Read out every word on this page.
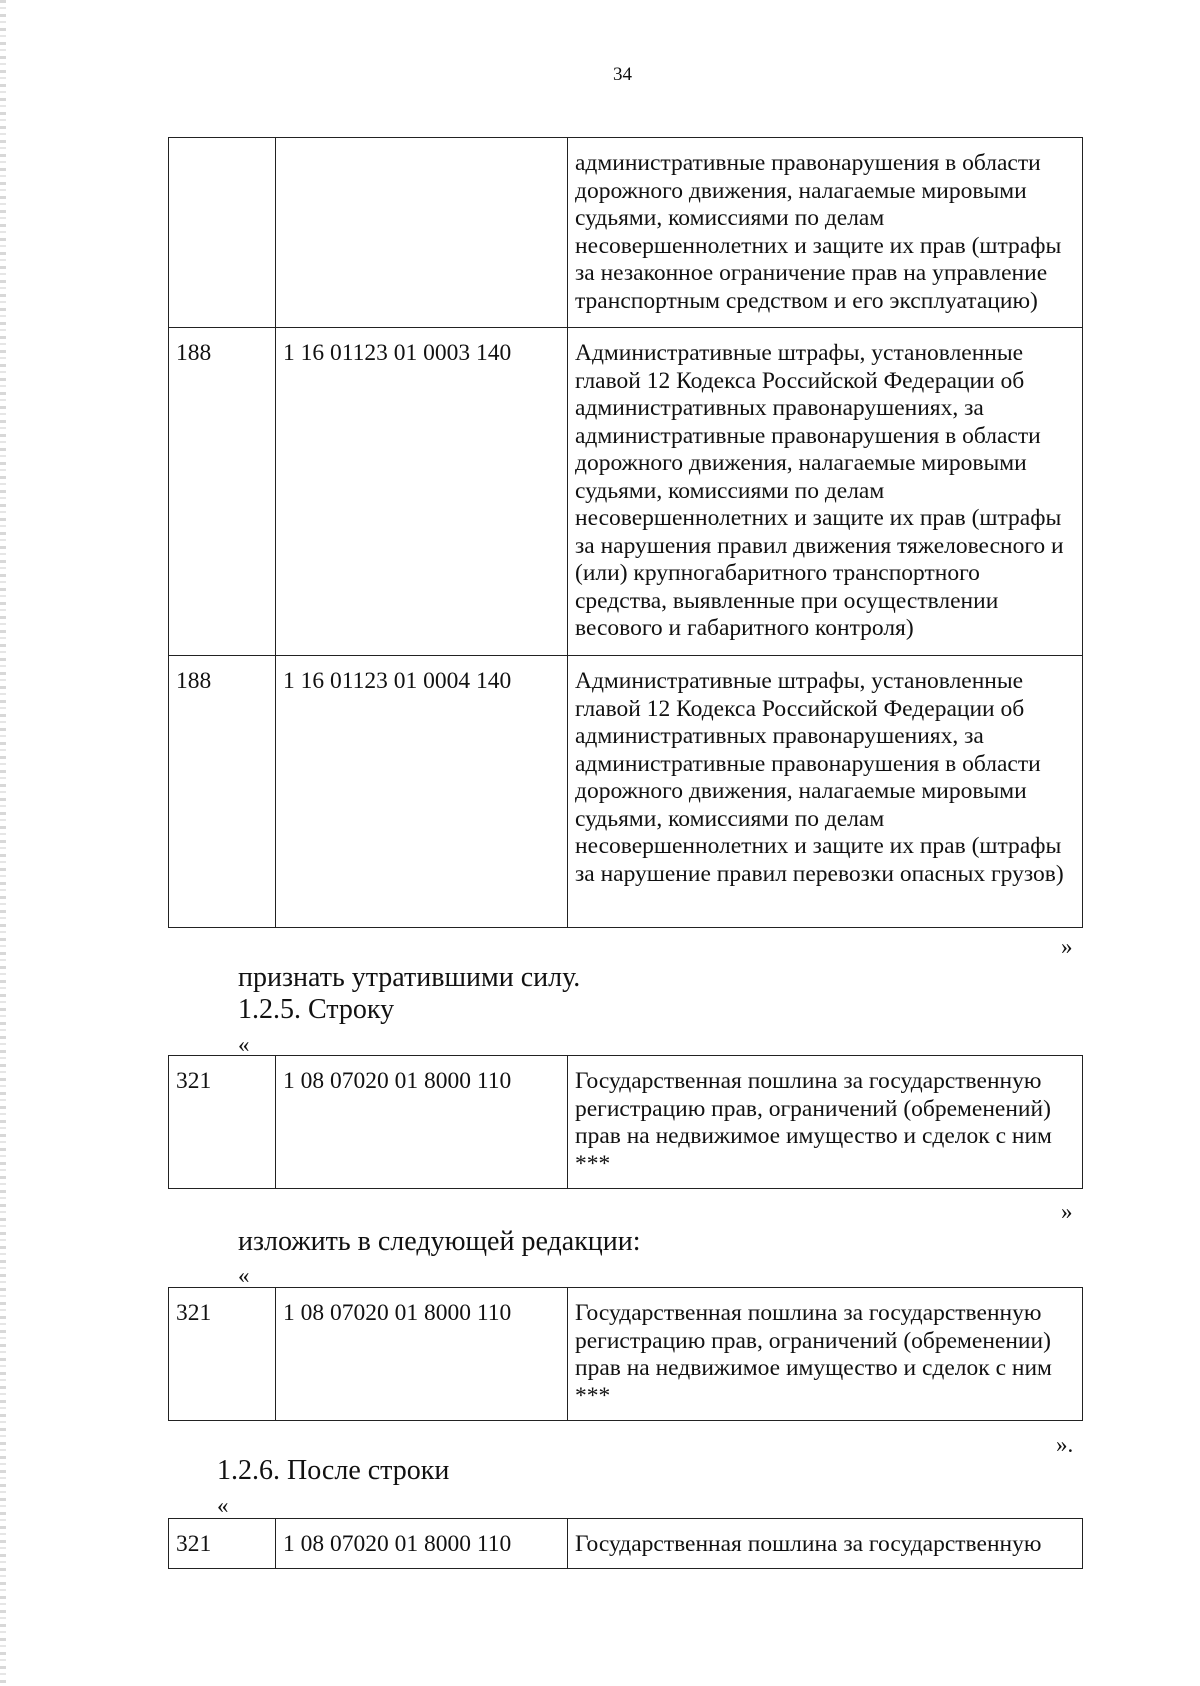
34
		административные правонарушения в области дорожного движения, налагаемые мировыми судьями, комиссиями по делам несовершеннолетних и защите их прав (штрафы за незаконное ограничение прав на управление транспортным средством и его эксплуатацию)
188	1 16 01123 01 0003 140	Административные штрафы, установленные главой 12 Кодекса Российской Федерации об административных правонарушениях, за административные правонарушения в области дорожного движения, налагаемые мировыми судьями, комиссиями по делам несовершеннолетних и защите их прав (штрафы за нарушения правил движения тяжеловесного и (или) крупногабаритного транспортного средства, выявленные при осуществлении весового и габаритного контроля)
188	1 16 01123 01 0004 140	Административные штрафы, установленные главой 12 Кодекса Российской Федерации об административных правонарушениях, за административные правонарушения в области дорожного движения, налагаемые мировыми судьями, комиссиями по делам несовершеннолетних и защите их прав (штрафы за нарушение правил перевозки опасных грузов)
»
признать утратившими силу.
1.2.5. Строку
«
321	1 08 07020 01 8000 110	Государственная пошлина за государственную регистрацию прав, ограничений (обременений) прав на недвижимое имущество и сделок с ним ***
»
изложить в следующей редакции:
«
321	1 08 07020 01 8000 110	Государственная пошлина за государственную регистрацию прав, ограничений (обременении) прав на недвижимое имущество и сделок с ним ***
».
1.2.6. После строки
«
321	1 08 07020 01 8000 110	Государственная пошлина за государственную
